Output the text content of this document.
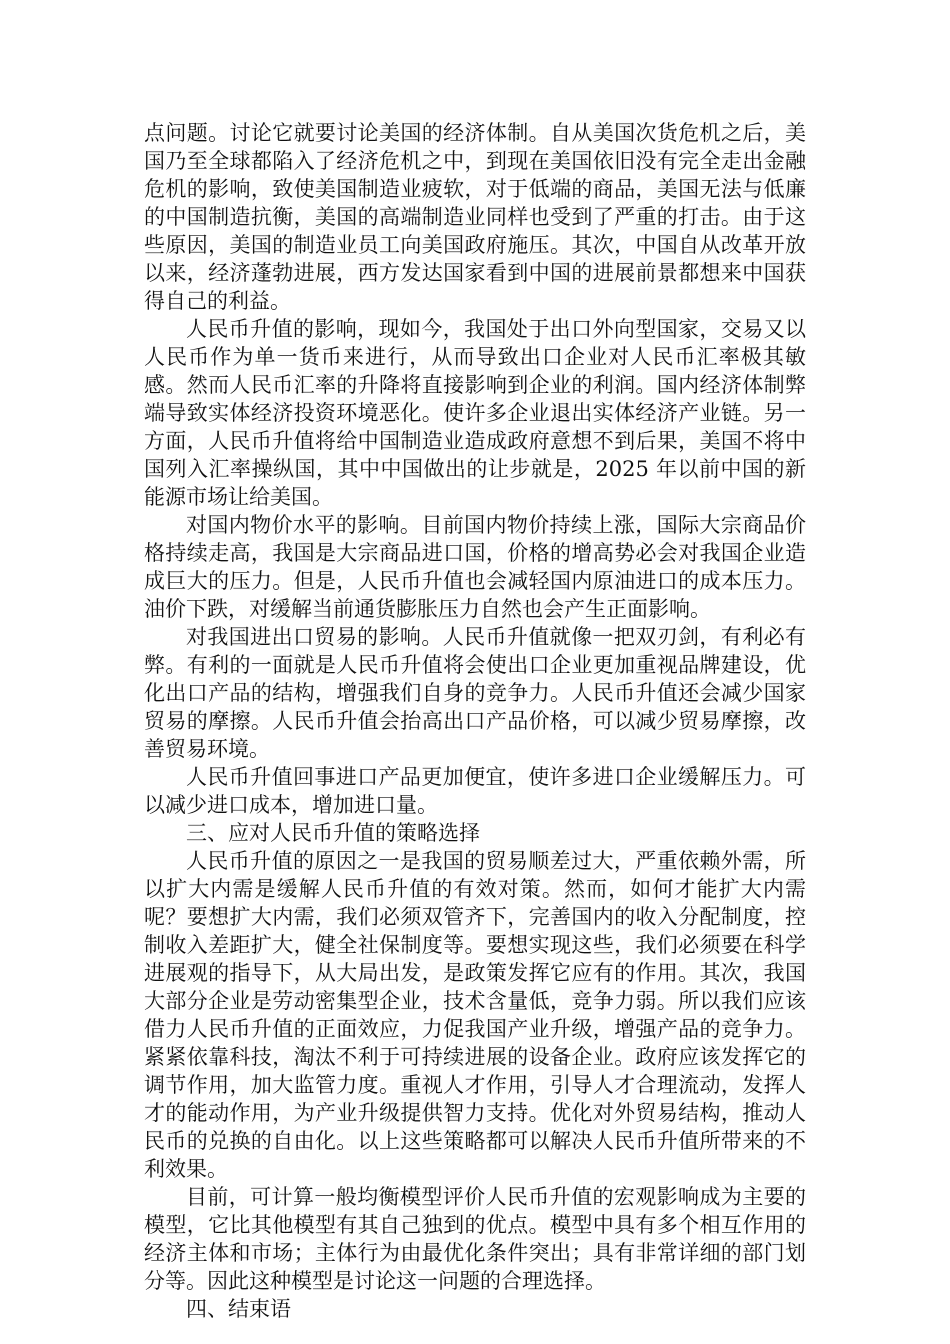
点问题。讨论它就要讨论美国的经济体制。自从美国次货危机之后，美国乃至全球都陷入了经济危机之中，到现在美国依旧没有完全走出金融危机的影响，致使美国制造业疲软，对于低端的商品，美国无法与低廉的中国制造抗衡，美国的高端制造业同样也受到了严重的打击。由于这些原因，美国的制造业员工向美国政府施压。其次，中国自从改革开放以来，经济蓬勃进展，西方发达国家看到中国的进展前景都想来中国获得自己的利益。

人民币升值的影响，现如今，我国处于出口外向型国家，交易又以人民币作为单一货币来进行，从而导致出口企业对人民币汇率极其敏感。然而人民币汇率的升降将直接影响到企业的利润。国内经济体制弊端导致实体经济投资环境恶化。使许多企业退出实体经济产业链。另一方面，人民币升值将给中国制造业造成政府意想不到后果，美国不将中国列入汇率操纵国，其中中国做出的让步就是，2025 年以前中国的新能源市场让给美国。

对国内物价水平的影响。目前国内物价持续上涨，国际大宗商品价格持续走高，我国是大宗商品进口国，价格的增高势必会对我国企业造成巨大的压力。但是，人民币升值也会减轻国内原油进口的成本压力。油价下跌，对缓解当前通货膨胀压力自然也会产生正面影响。

对我国进出口贸易的影响。人民币升值就像一把双刃剑，有利必有弊。有利的一面就是人民币升值将会使出口企业更加重视品牌建设，优化出口产品的结构，增强我们自身的竞争力。人民币升值还会减少国家贸易的摩擦。人民币升值会抬高出口产品价格，可以减少贸易摩擦，改善贸易环境。

人民币升值回事进口产品更加便宜，使许多进口企业缓解压力。可以减少进口成本，增加进口量。

三、应对人民币升值的策略选择

人民币升值的原因之一是我国的贸易顺差过大，严重依赖外需，所以扩大内需是缓解人民币升值的有效对策。然而，如何才能扩大内需呢？要想扩大内需，我们必须双管齐下，完善国内的收入分配制度，控制收入差距扩大，健全社保制度等。要想实现这些，我们必须要在科学进展观的指导下，从大局出发，是政策发挥它应有的作用。其次，我国大部分企业是劳动密集型企业，技术含量低，竞争力弱。所以我们应该借力人民币升值的正面效应，力促我国产业升级，增强产品的竞争力。紧紧依靠科技，淘汰不利于可持续进展的设备企业。政府应该发挥它的调节作用，加大监管力度。重视人才作用，引导人才合理流动，发挥人才的能动作用，为产业升级提供智力支持。优化对外贸易结构，推动人民币的兑换的自由化。以上这些策略都可以解决人民币升值所带来的不利效果。

目前，可计算一般均衡模型评价人民币升值的宏观影响成为主要的模型，它比其他模型有其自己独到的优点。模型中具有多个相互作用的经济主体和市场；主体行为由最优化条件突出；具有非常详细的部门划分等。因此这种模型是讨论这一问题的合理选择。

四、结束语
